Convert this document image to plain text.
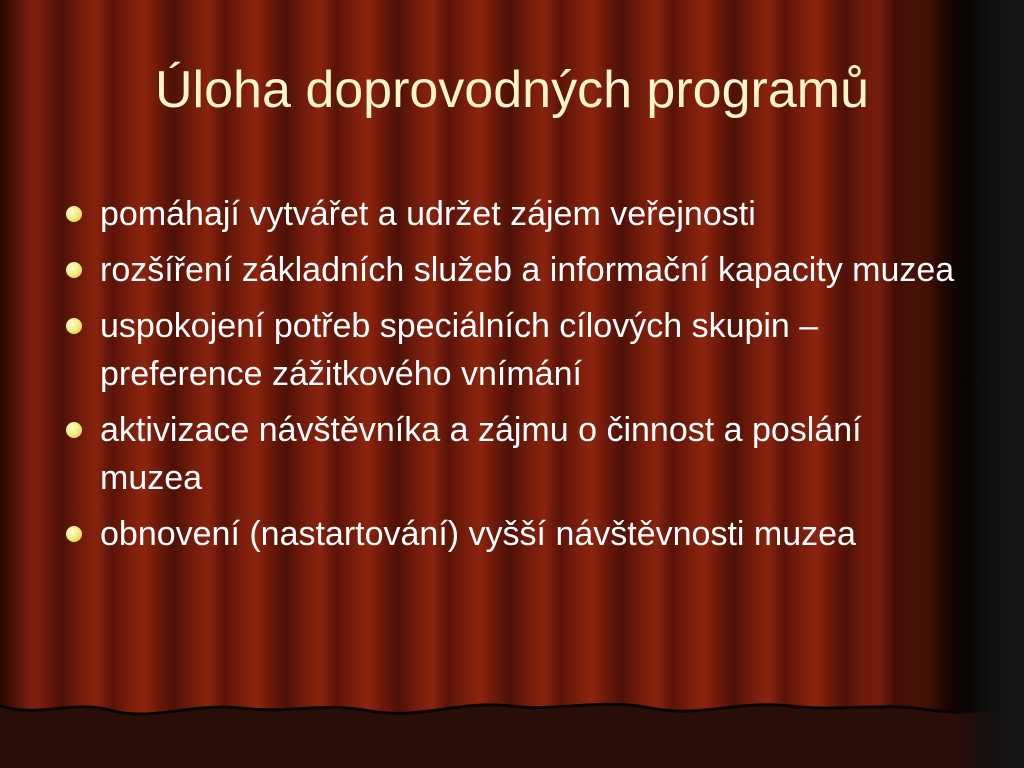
Úloha doprovodných programů
pomáhají vytvářet a udržet zájem veřejnosti
rozšíření základních služeb a informační kapacity muzea
uspokojení potřeb speciálních cílových skupin – preference zážitkového vnímání
aktivizace návštěvníka a zájmu o činnost a poslání muzea
obnovení (nastartování) vyšší návštěvnosti muzea
